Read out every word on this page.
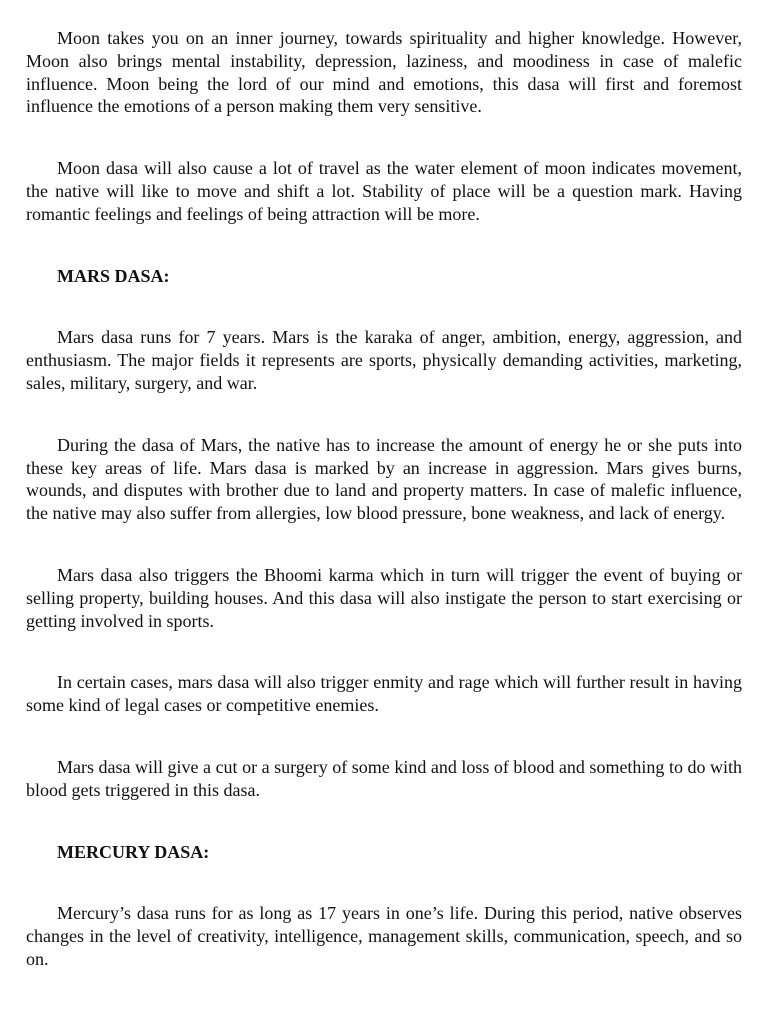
Moon takes you on an inner journey, towards spirituality and higher knowledge. However, Moon also brings mental instability, depression, laziness, and moodiness in case of malefic influence. Moon being the lord of our mind and emotions, this dasa will first and foremost influence the emotions of a person making them very sensitive.

Moon dasa will also cause a lot of travel as the water element of moon indicates movement, the native will like to move and shift a lot. Stability of place will be a question mark. Having romantic feelings and feelings of being attraction will be more.

MARS DASA:

Mars dasa runs for 7 years. Mars is the karaka of anger, ambition, energy, aggression, and enthusiasm. The major fields it represents are sports, physically demanding activities, marketing, sales, military, surgery, and war.

During the dasa of Mars, the native has to increase the amount of energy he or she puts into these key areas of life. Mars dasa is marked by an increase in aggression. Mars gives burns, wounds, and disputes with brother due to land and property matters. In case of malefic influence, the native may also suffer from allergies, low blood pressure, bone weakness, and lack of energy.

Mars dasa also triggers the Bhoomi karma which in turn will trigger the event of buying or selling property, building houses. And this dasa will also instigate the person to start exercising or getting involved in sports.

In certain cases, mars dasa will also trigger enmity and rage which will further result in having some kind of legal cases or competitive enemies.

Mars dasa will give a cut or a surgery of some kind and loss of blood and something to do with blood gets triggered in this dasa.

MERCURY DASA:

Mercury’s dasa runs for as long as 17 years in one’s life. During this period, native observes changes in the level of creativity, intelligence, management skills, communication, speech, and so on.
